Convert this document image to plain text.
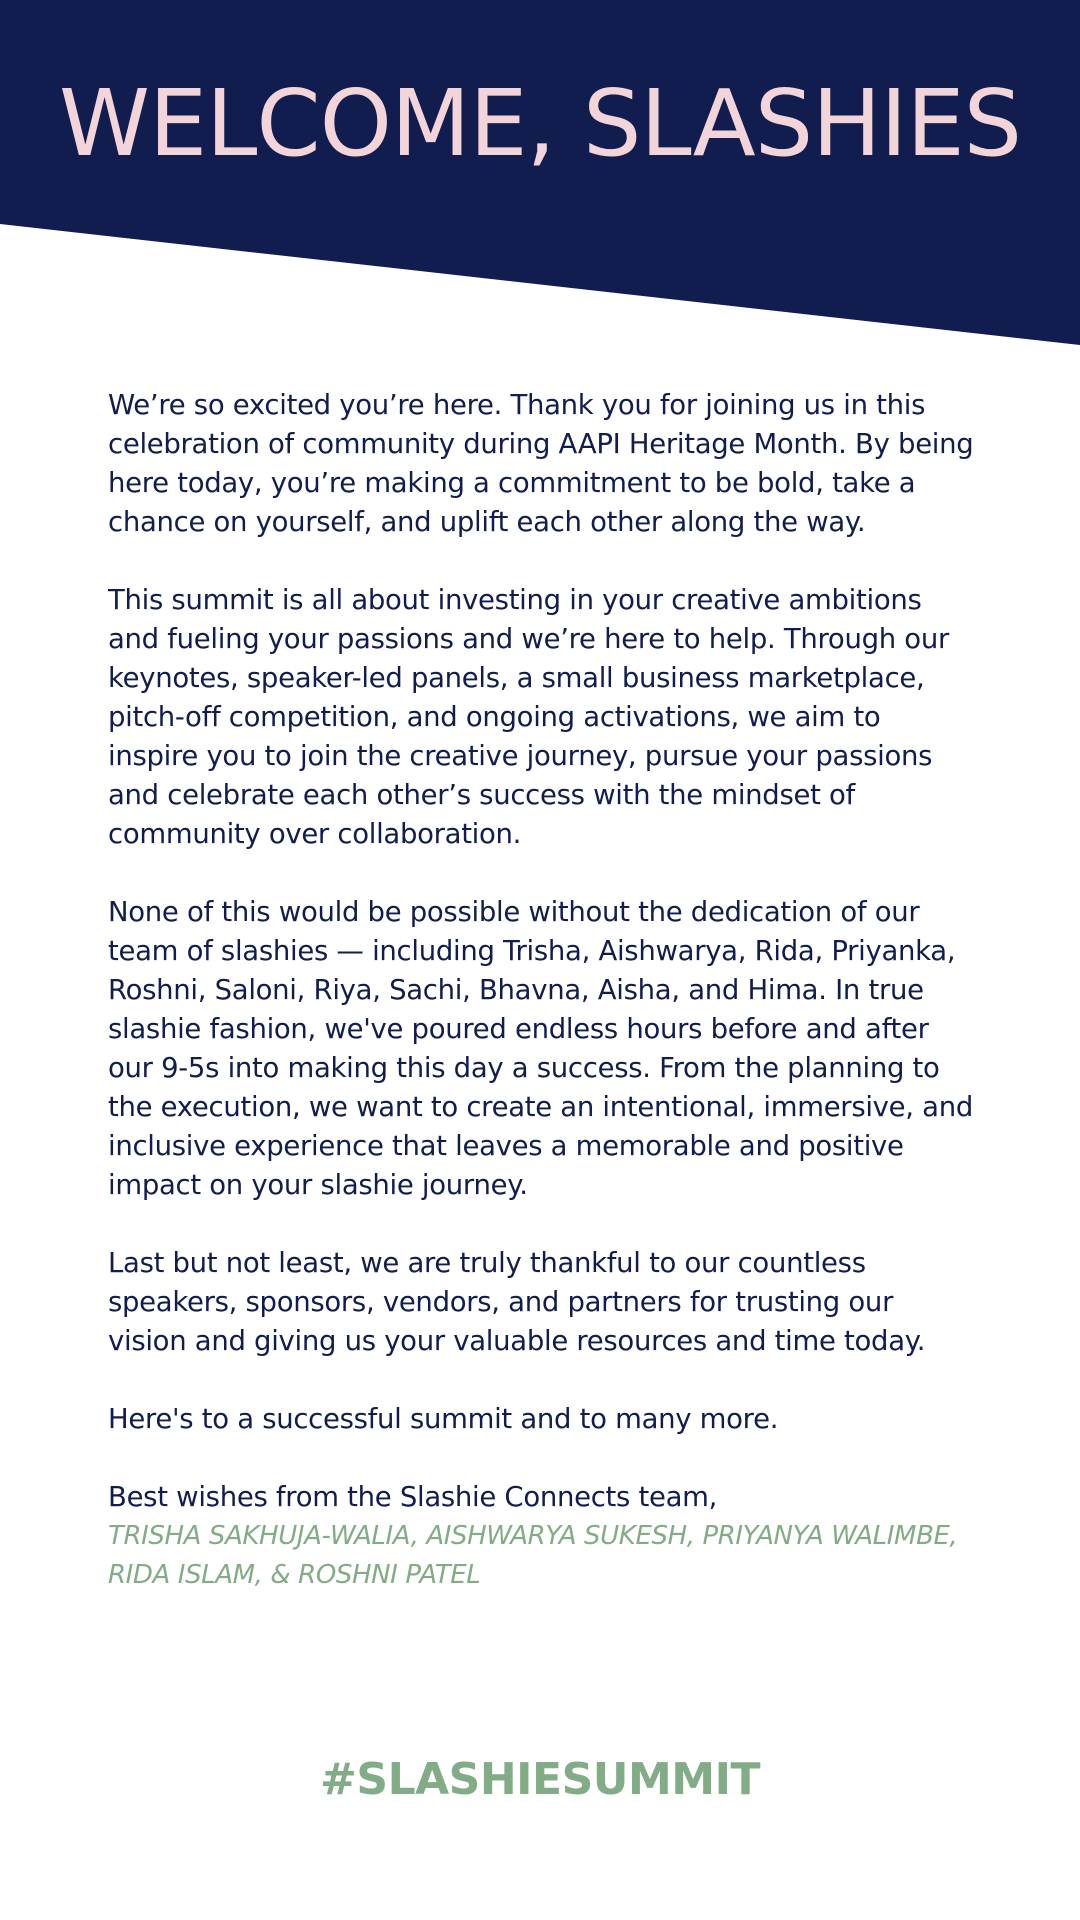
WELCOME, SLASHIES

We’re so excited you’re here. Thank you for joining us in this celebration of community during AAPI Heritage Month. By being here today, you’re making a commitment to be bold, take a chance on yourself, and uplift each other along the way.

This summit is all about investing in your creative ambitions and fueling your passions and we’re here to help. Through our keynotes, speaker-led panels, a small business marketplace, pitch-off competition, and ongoing activations, we aim to inspire you to join the creative journey, pursue your passions and celebrate each other’s success with the mindset of community over collaboration.

None of this would be possible without the dedication of our team of slashies — including Trisha, Aishwarya, Rida, Priyanka, Roshni, Saloni, Riya, Sachi, Bhavna, Aisha, and Hima. In true slashie fashion, we've poured endless hours before and after our 9-5s into making this day a success. From the planning to the execution, we want to create an intentional, immersive, and inclusive experience that leaves a memorable and positive impact on your slashie journey.

Last but not least, we are truly thankful to our countless speakers, sponsors, vendors, and partners for trusting our vision and giving us your valuable resources and time today.

Here's to a successful summit and to many more.

Best wishes from the Slashie Connects team,

TRISHA SAKHUJA-WALIA, AISHWARYA SUKESH, PRIYANYA WALIMBE, RIDA ISLAM, & ROSHNI PATEL

#SLASHIESUMMIT
